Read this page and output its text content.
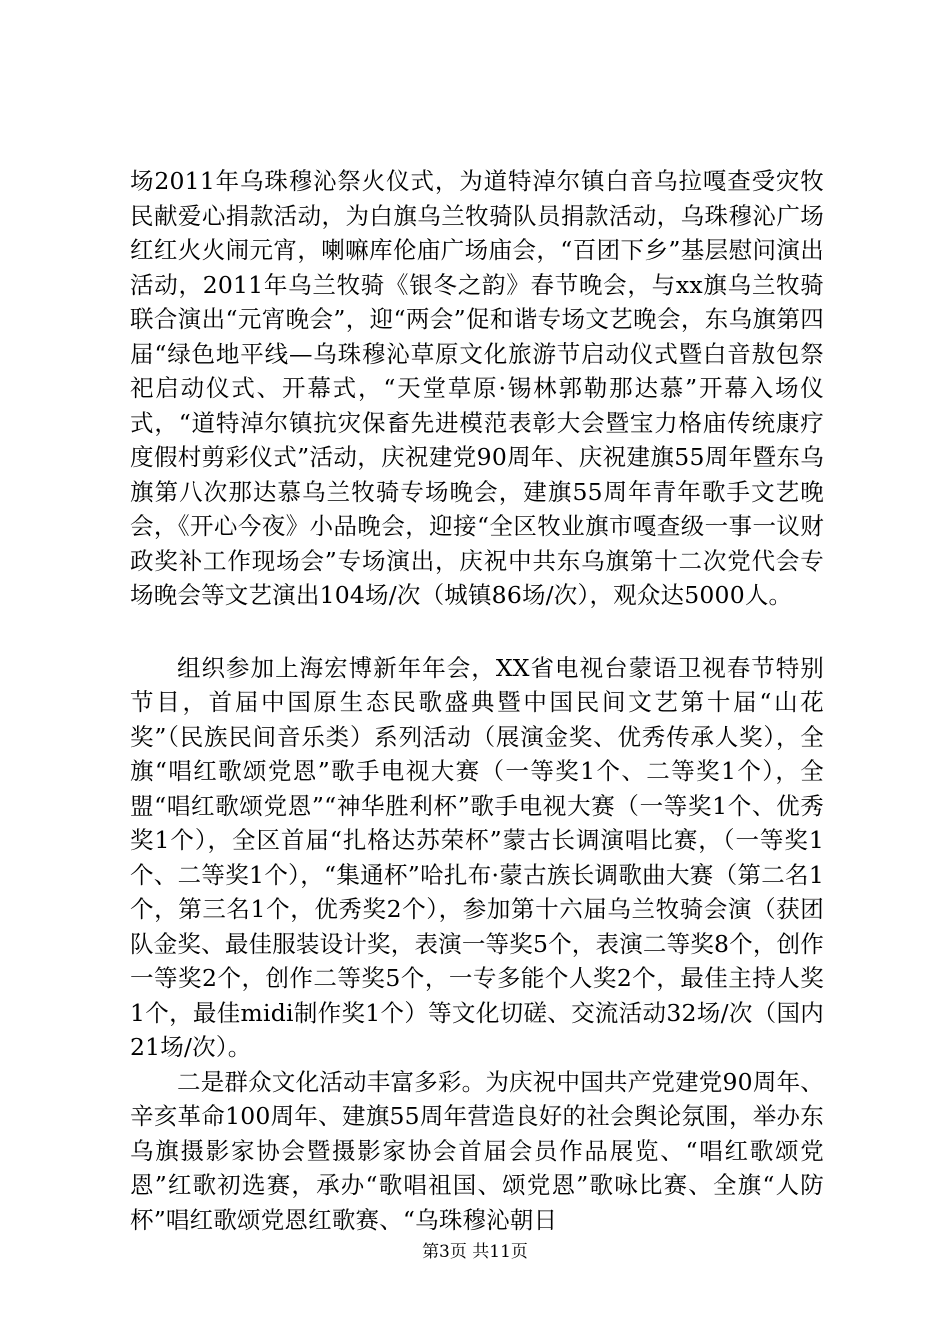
场2011年乌珠穆沁祭火仪式，为道特淖尔镇白音乌拉嘎查受灾牧民献爱心捐款活动，为白旗乌兰牧骑队员捐款活动，乌珠穆沁广场红红火火闹元宵，喇嘛库伦庙广场庙会，“百团下乡”基层慰问演出活动，2011年乌兰牧骑《银冬之韵》春节晚会，与xx旗乌兰牧骑联合演出“元宵晚会”，迎“两会”促和谐专场文艺晚会，东乌旗第四届“绿色地平线—乌珠穆沁草原文化旅游节启动仪式暨白音敖包祭祀启动仪式、开幕式，“天堂草原·锡林郭勒那达慕”开幕入场仪式，“道特淖尔镇抗灾保畜先进模范表彰大会暨宝力格庙传统康疗度假村剪彩仪式”活动，庆祝建党90周年、庆祝建旗55周年暨东乌旗第八次那达慕乌兰牧骑专场晚会，建旗55周年青年歌手文艺晚会，《开心今夜》小品晚会，迎接“全区牧业旗市嘎查级一事一议财政奖补工作现场会”专场演出，庆祝中共东乌旗第十二次党代会专场晚会等文艺演出104场/次（城镇86场/次），观众达5000人。

组织参加上海宏博新年年会，XX省电视台蒙语卫视春节特别节目，首届中国原生态民歌盛典暨中国民间文艺第十届“山花奖”（民族民间音乐类）系列活动（展演金奖、优秀传承人奖），全旗“唱红歌颂党恩”歌手电视大赛（一等奖1个、二等奖1个），全盟“唱红歌颂党恩”“神华胜利杯”歌手电视大赛（一等奖1个、优秀奖1个），全区首届“扎格达苏荣杯”蒙古长调演唱比赛，（一等奖1个、二等奖1个），“集通杯”哈扎布·蒙古族长调歌曲大赛（第二名1个，第三名1个，优秀奖2个），参加第十六届乌兰牧骑会演（获团队金奖、最佳服装设计奖，表演一等奖5个，表演二等奖8个，创作一等奖2个，创作二等奖5个，一专多能个人奖2个，最佳主持人奖1个，最佳midi制作奖1个）等文化切磋、交流活动32场/次（国内21场/次）。

二是群众文化活动丰富多彩。为庆祝中国共产党建党90周年、辛亥革命100周年、建旗55周年营造良好的社会舆论氛围，举办东乌旗摄影家协会暨摄影家协会首届会员作品展览、“唱红歌颂党恩”红歌初选赛，承办“歌唱祖国、颂党恩”歌咏比赛、全旗“人防杯”唱红歌颂党恩红歌赛、“乌珠穆沁朝日

第3页 共11页
